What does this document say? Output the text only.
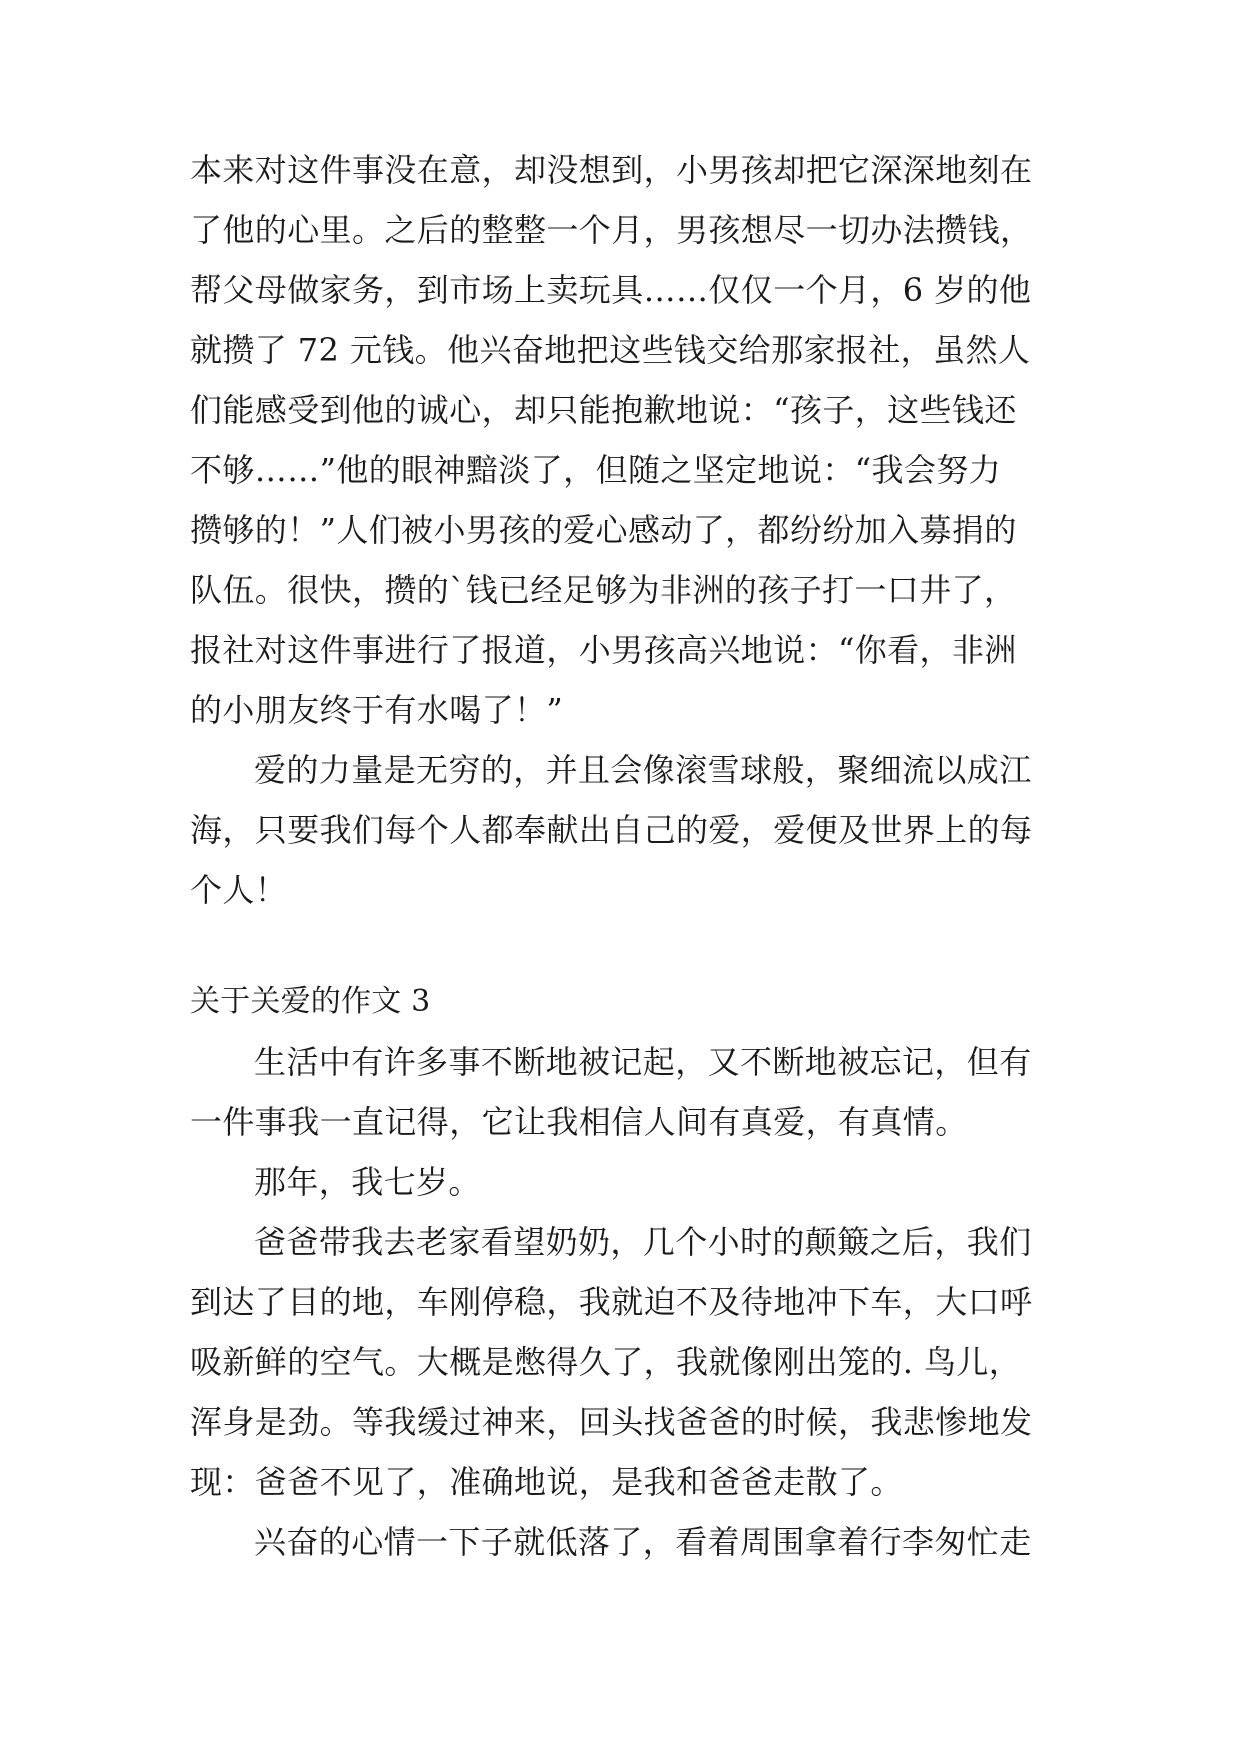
本来对这件事没在意，却没想到，小男孩却把它深深地刻在
了他的心里。之后的整整一个月，男孩想尽一切办法攒钱，
帮父母做家务，到市场上卖玩具……仅仅一个月，6 岁的他
就攒了 72 元钱。他兴奋地把这些钱交给那家报社，虽然人
们能感受到他的诚心，却只能抱歉地说：“孩子，这些钱还
不够……”他的眼神黯淡了，但随之坚定地说：“我会努力
攒够的！”人们被小男孩的爱心感动了，都纷纷加入募捐的
队伍。很快，攒的`钱已经足够为非洲的孩子打一口井了，
报社对这件事进行了报道，小男孩高兴地说：“你看，非洲
的小朋友终于有水喝了！”
爱的力量是无穷的，并且会像滚雪球般，聚细流以成江
海，只要我们每个人都奉献出自己的爱，爱便及世界上的每
个人！
关于关爱的作文 3
生活中有许多事不断地被记起，又不断地被忘记，但有
一件事我一直记得，它让我相信人间有真爱，有真情。
那年，我七岁。
爸爸带我去老家看望奶奶，几个小时的颠簸之后，我们
到达了目的地，车刚停稳，我就迫不及待地冲下车，大口呼
吸新鲜的空气。大概是憋得久了，我就像刚出笼的. 鸟儿，
浑身是劲。等我缓过神来，回头找爸爸的时候，我悲惨地发
现：爸爸不见了，准确地说，是我和爸爸走散了。
兴奋的心情一下子就低落了，看着周围拿着行李匆忙走
